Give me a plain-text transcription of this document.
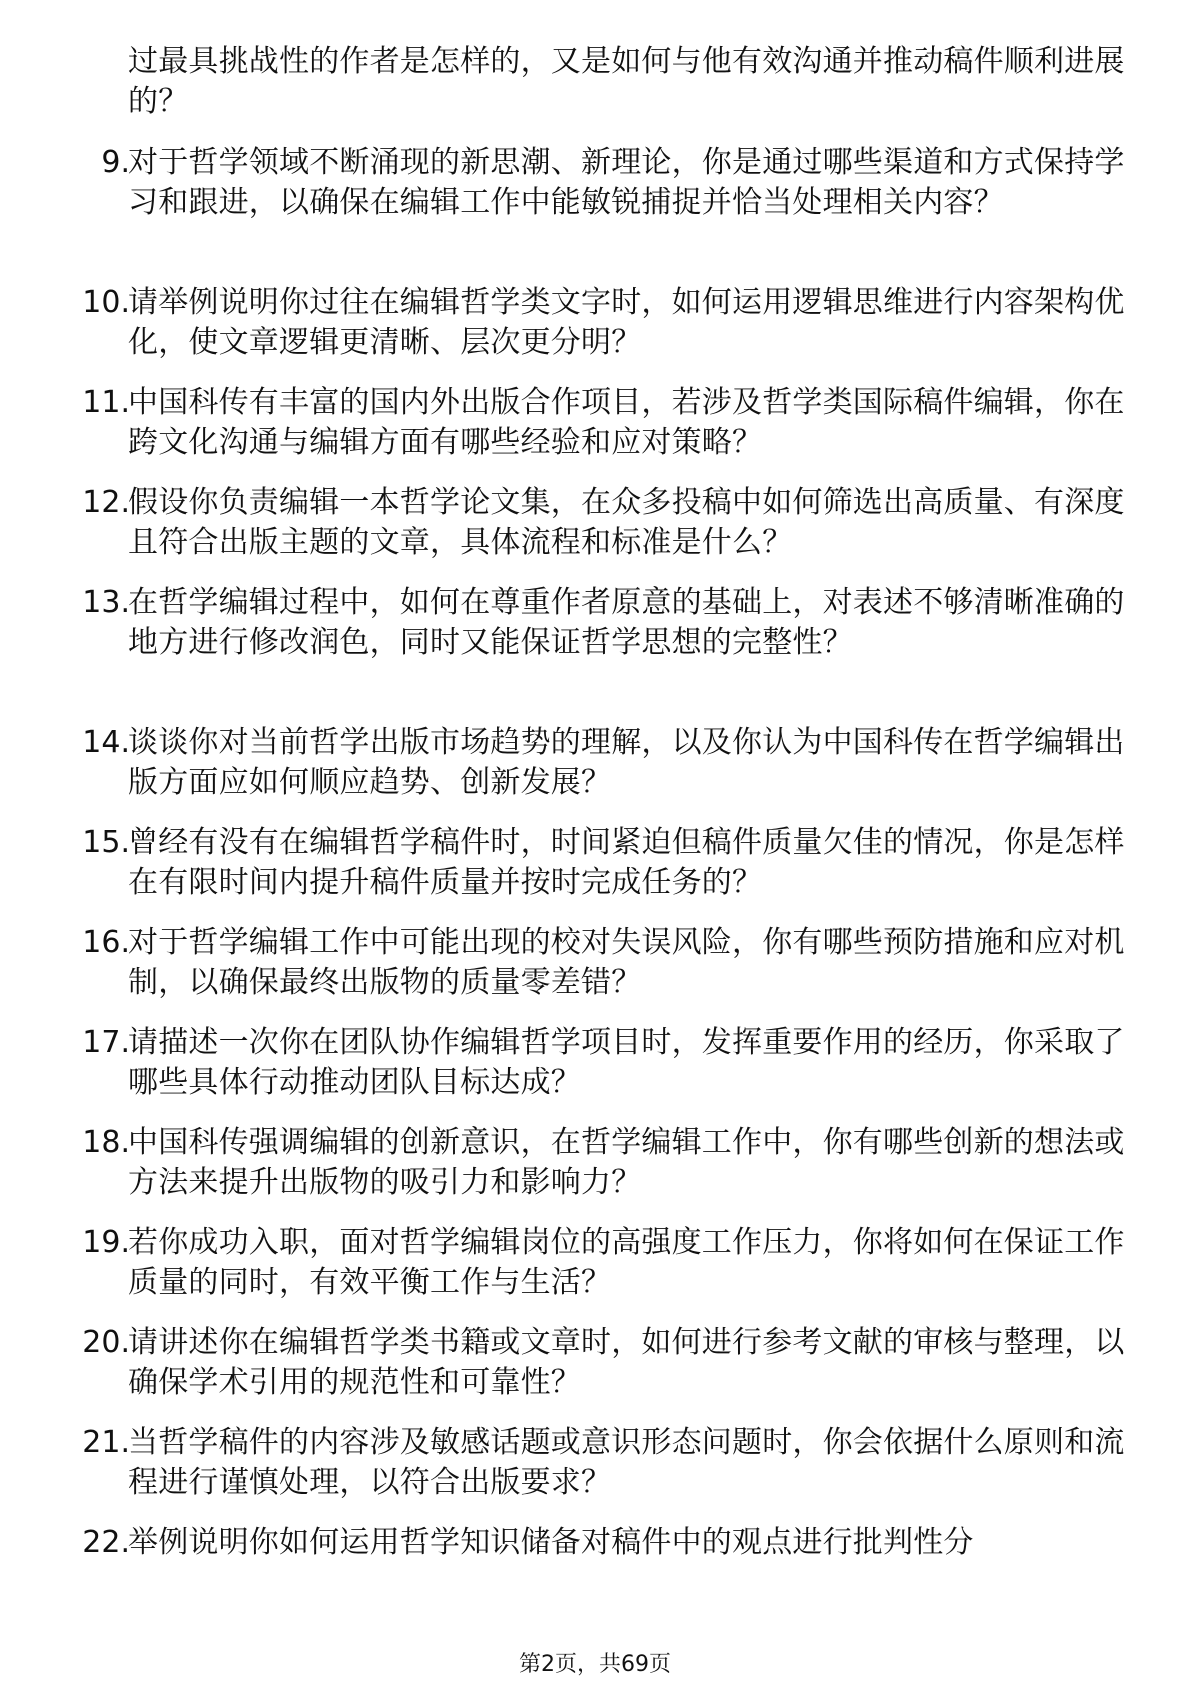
过最具挑战性的作者是怎样的，又是如何与他有效沟通并推动稿件顺利进展的？
9.
对于哲学领域不断涌现的新思潮、新理论，你是通过哪些渠道和方式保持学习和跟进，以确保在编辑工作中能敏锐捕捉并恰当处理相关内容？
10.
请举例说明你过往在编辑哲学类文字时，如何运用逻辑思维进行内容架构优化，使文章逻辑更清晰、层次更分明？
11.
中国科传有丰富的国内外出版合作项目，若涉及哲学类国际稿件编辑，你在跨文化沟通与编辑方面有哪些经验和应对策略？
12.
假设你负责编辑一本哲学论文集，在众多投稿中如何筛选出高质量、有深度且符合出版主题的文章，具体流程和标准是什么？
13.
在哲学编辑过程中，如何在尊重作者原意的基础上，对表述不够清晰准确的地方进行修改润色，同时又能保证哲学思想的完整性？
14.
谈谈你对当前哲学出版市场趋势的理解，以及你认为中国科传在哲学编辑出版方面应如何顺应趋势、创新发展？
15.
曾经有没有在编辑哲学稿件时，时间紧迫但稿件质量欠佳的情况，你是怎样在有限时间内提升稿件质量并按时完成任务的？
16.
对于哲学编辑工作中可能出现的校对失误风险，你有哪些预防措施和应对机制，以确保最终出版物的质量零差错？
17.
请描述一次你在团队协作编辑哲学项目时，发挥重要作用的经历，你采取了哪些具体行动推动团队目标达成？
18.
中国科传强调编辑的创新意识，在哲学编辑工作中，你有哪些创新的想法或方法来提升出版物的吸引力和影响力？
19.
若你成功入职，面对哲学编辑岗位的高强度工作压力，你将如何在保证工作质量的同时，有效平衡工作与生活？
20.
请讲述你在编辑哲学类书籍或文章时，如何进行参考文献的审核与整理，以确保学术引用的规范性和可靠性？
21.
当哲学稿件的内容涉及敏感话题或意识形态问题时，你会依据什么原则和流程进行谨慎处理，以符合出版要求？
22.
举例说明你如何运用哲学知识储备对稿件中的观点进行批判性分
第2页，共69页
